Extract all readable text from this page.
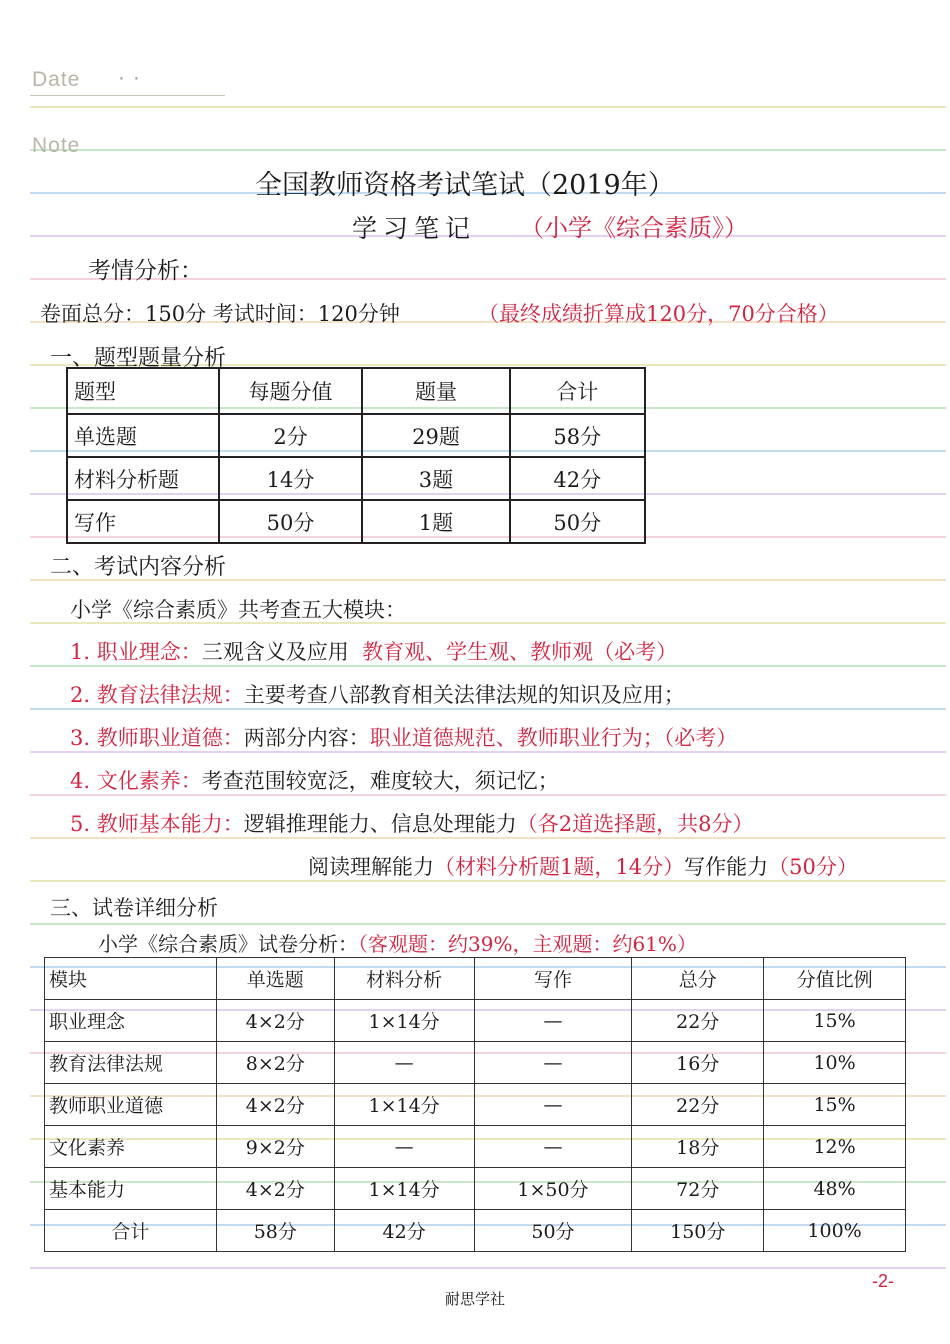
Date · ·
Note
全国教师资格考试笔试（2019年）
学习笔记 （小学《综合素质》）
考情分析：
卷面总分：150分 考试时间：120分钟	（最终成绩折算成120分，70分合格）
一、题型题量分析
题型	每题分值	题量	合计
单选题	2分	29题	58分
材料分析题	14分	3题	42分
写作	50分	1题	50分
二、考试内容分析
小学《综合素质》共考查五大模块：
1. 职业理念：三观含义及应用 教育观、学生观、教师观（必考）
2. 教育法律法规：主要考查八部教育相关法律法规的知识及应用；
3. 教师职业道德：两部分内容：职业道德规范、教师职业行为；（必考）
4. 文化素养：考查范围较宽泛，难度较大，须记忆；
5. 教师基本能力：逻辑推理能力、信息处理能力（各2道选择题，共8分）
阅读理解能力（材料分析题1题，14分）写作能力（50分）
三、试卷详细分析
小学《综合素质》试卷分析：（客观题：约39%，主观题：约61%）
模块	单选题	材料分析	写作	总分	分值比例
职业理念	4×2分	1×14分	—	22分	15%
教育法律法规	8×2分	—	—	16分	10%
教师职业道德	4×2分	1×14分	—	22分	15%
文化素养	9×2分	—	—	18分	12%
基本能力	4×2分	1×14分	1×50分	72分	48%
合计	58分	42分	50分	150分	100%
-2-
耐思学社
